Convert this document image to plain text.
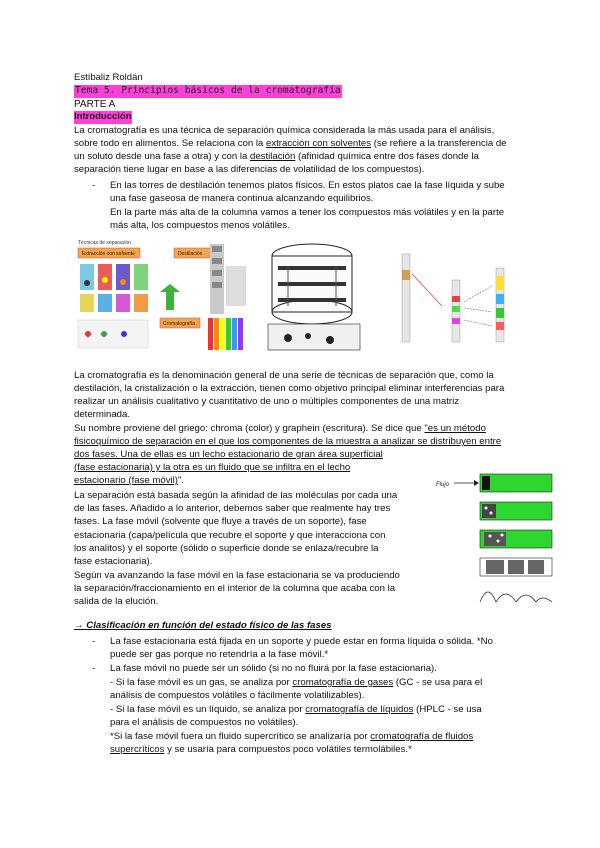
Estíbaliz Roldán
Tema 5. Principios básicos de la cromatografía
PARTE A
Introducción
La cromatografía es una técnica de separación química considerada la más usada para el análisis,
sobre todo en alimentos. Se relaciona con la extracción con solventes (se refiere a la transferencia de
un soluto desde una fase a otra) y con la destilación (afinidad química entre dos fases donde la
separación tiene lugar en base a las diferencias de volatilidad de los compuestos).
- En las torres de destilación tenemos platos físicos. En estos platos cae la fase líquida y sube
una fase gaseosa de manera continua alcanzando equilibrios.
En la parte más alta de la columna vamos a tener los compuestos más volátiles y en la parte
más alta, los compuestos menos volátiles.
Técnicas de separación
Extracción con solvente	Destilación
Cromatografía
La cromatografía es la denominación general de una serie de técnicas de separación que, como la
destilación, la cristalización o la extracción, tienen como objetivo principal eliminar interferencias para
realizar un análisis cualitativo y cuantitativo de uno o múltiples componentes de una matriz
determinada.
Su nombre proviene del griego: chroma (color) y graphein (escritura). Se dice que "es un método
fisicoquímico de separación en el que los componentes de la muestra a analizar se distribuyen entre
dos fases. Una de ellas es un lecho estacionario de gran área superficial
(fase estacionaria) y la otra es un fluido que se infiltra en el lecho
estacionario (fase móvil)".
La separación está basada según la afinidad de las moléculas por cada una
de las fases. Añadido a lo anterior, debemos saber que realmente hay tres
fases. La fase móvil (solvente que fluye a través de un soporte), fase
estacionaria (capa/película que recubre el soporte y que interacciona con
los analitos) y el soporte (sólido o superficie donde se enlaza/recubre la
fase estacionaria).
Según va avanzando la fase móvil en la fase estacionaria se va produciendo
la separación/fraccionamiento en el interior de la columna que acaba con la
salida de la elución.
Flujo
→ Clasificación en función del estado físico de las fases
- La fase estacionaria está fijada en un soporte y puede estar en forma líquida o sólida. *No
puede ser gas porque no retendría a la fase móvil.*
- La fase móvil no puede ser un sólido (si no no fluirá por la fase estacionaria).
- Si la fase móvil es un gas, se analiza por cromatografía de gases (GC - se usa para el
análisis de compuestos volátiles o fácilmente volatilizables).
- Si la fase móvil es un líquido, se analiza por cromatografía de líquidos (HPLC - se usa
para el análisis de compuestos no volátiles).
*Si la fase móvil fuera un fluido supercrítico se analizaría por cromatografía de fluidos
supercríticos y se usaría para compuestos poco volátiles termolábiles.*
